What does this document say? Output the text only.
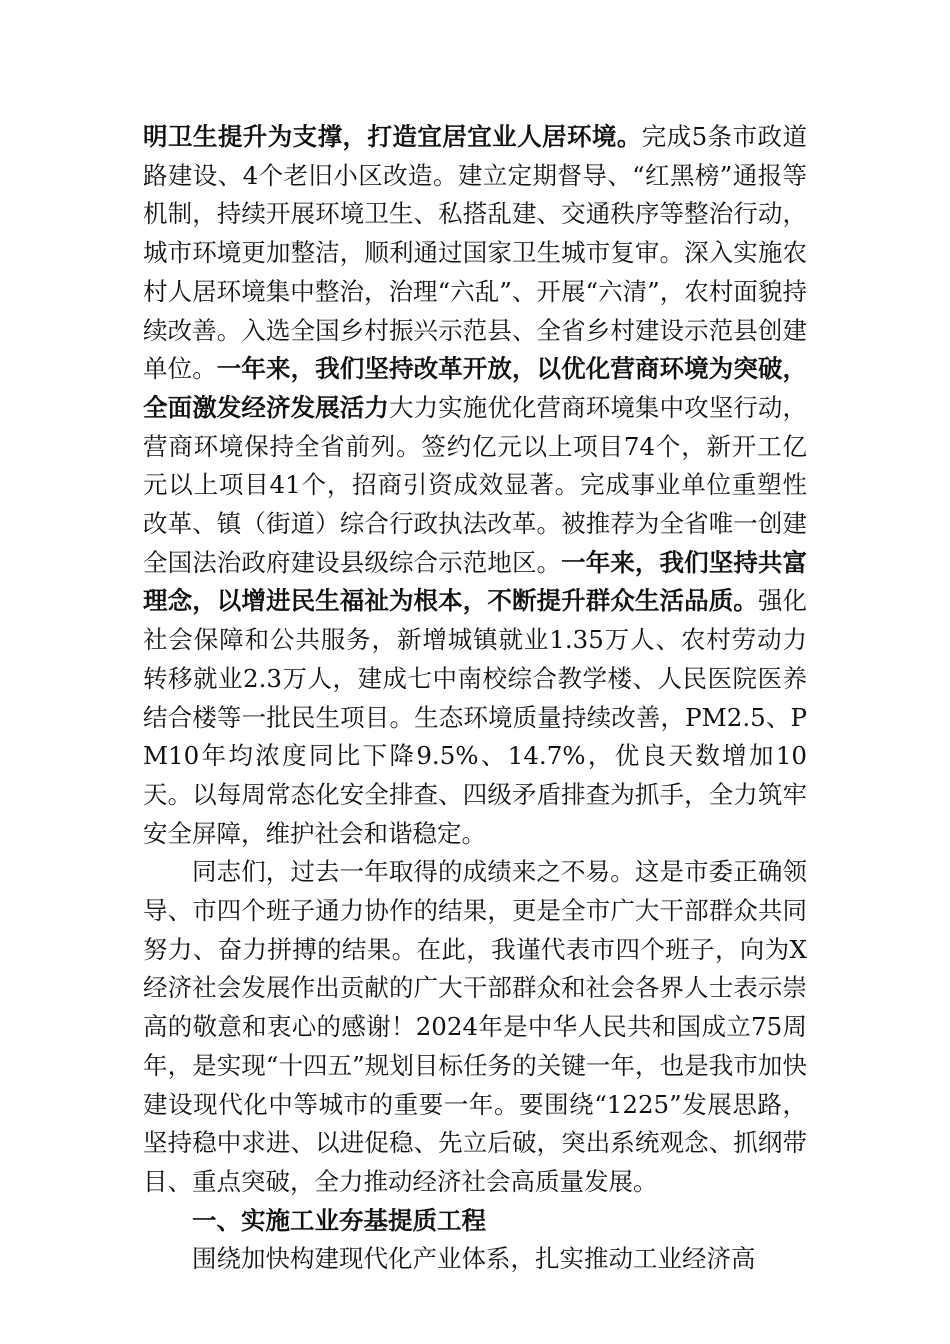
明卫生提升为支撑，打造宜居宜业人居环境。完成5条市政道路建设、4个老旧小区改造。建立定期督导、“红黑榜”通报等机制，持续开展环境卫生、私搭乱建、交通秩序等整治行动，城市环境更加整洁，顺利通过国家卫生城市复审。深入实施农村人居环境集中整治，治理“六乱”、开展“六清”，农村面貌持续改善。入选全国乡村振兴示范县、全省乡村建设示范县创建单位。一年来，我们坚持改革开放，以优化营商环境为突破，全面激发经济发展活力大力实施优化营商环境集中攻坚行动，营商环境保持全省前列。签约亿元以上项目74个，新开工亿元以上项目41个，招商引资成效显著。完成事业单位重塑性改革、镇（街道）综合行政执法改革。被推荐为全省唯一创建全国法治政府建设县级综合示范地区。一年来，我们坚持共富理念，以增进民生福祉为根本，不断提升群众生活品质。强化社会保障和公共服务，新增城镇就业1.35万人、农村劳动力转移就业2.3万人，建成七中南校综合教学楼、人民医院医养结合楼等一批民生项目。生态环境质量持续改善，PM2.5、PM10年均浓度同比下降9.5%、14.7%，优良天数增加10天。以每周常态化安全排查、四级矛盾排查为抓手，全力筑牢安全屏障，维护社会和谐稳定。

同志们，过去一年取得的成绩来之不易。这是市委正确领导、市四个班子通力协作的结果，更是全市广大干部群众共同努力、奋力拼搏的结果。在此，我谨代表市四个班子，向为X经济社会发展作出贡献的广大干部群众和社会各界人士表示崇高的敬意和衷心的感谢！2024年是中华人民共和国成立75周年，是实现“十四五”规划目标任务的关键一年，也是我市加快建设现代化中等城市的重要一年。要围绕“1225”发展思路，坚持稳中求进、以进促稳、先立后破，突出系统观念、抓纲带目、重点突破，全力推动经济社会高质量发展。

一、实施工业夯基提质工程

围绕加快构建现代化产业体系，扎实推动工业经济高
